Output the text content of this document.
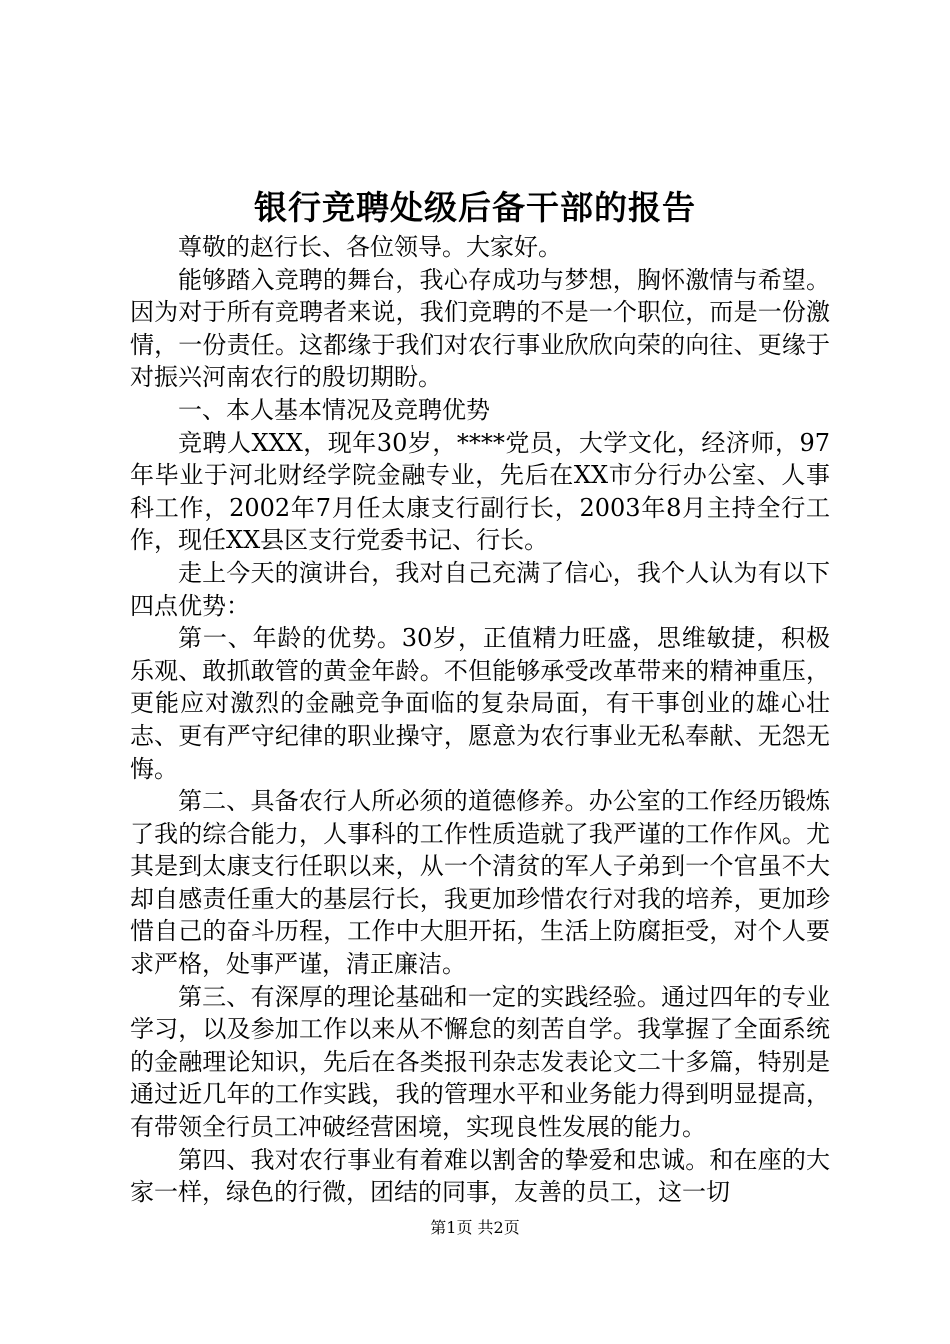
银行竞聘处级后备干部的报告

尊敬的赵行长、各位领导。大家好。

能够踏入竞聘的舞台，我心存成功与梦想，胸怀激情与希望。因为对于所有竞聘者来说，我们竞聘的不是一个职位，而是一份激情，一份责任。这都缘于我们对农行事业欣欣向荣的向往、更缘于对振兴河南农行的殷切期盼。

一、本人基本情况及竞聘优势

竞聘人XXX，现年30岁，****党员，大学文化，经济师，97年毕业于河北财经学院金融专业，先后在XX市分行办公室、人事科工作，2002年7月任太康支行副行长，2003年8月主持全行工作，现任XX县区支行党委书记、行长。

走上今天的演讲台，我对自己充满了信心，我个人认为有以下四点优势：

第一、年龄的优势。30岁，正值精力旺盛，思维敏捷，积极乐观、敢抓敢管的黄金年龄。不但能够承受改革带来的精神重压，更能应对激烈的金融竞争面临的复杂局面，有干事创业的雄心壮志、更有严守纪律的职业操守，愿意为农行事业无私奉献、无怨无悔。

第二、具备农行人所必须的道德修养。办公室的工作经历锻炼了我的综合能力，人事科的工作性质造就了我严谨的工作作风。尤其是到太康支行任职以来，从一个清贫的军人子弟到一个官虽不大却自感责任重大的基层行长，我更加珍惜农行对我的培养，更加珍惜自己的奋斗历程，工作中大胆开拓，生活上防腐拒受，对个人要求严格，处事严谨，清正廉洁。

第三、有深厚的理论基础和一定的实践经验。通过四年的专业学习，以及参加工作以来从不懈怠的刻苦自学。我掌握了全面系统的金融理论知识，先后在各类报刊杂志发表论文二十多篇，特别是通过近几年的工作实践，我的管理水平和业务能力得到明显提高，有带领全行员工冲破经营困境，实现良性发展的能力。

第四、我对农行事业有着难以割舍的挚爱和忠诚。和在座的大家一样，绿色的行微，团结的同事，友善的员工，这一切

第1页 共2页
